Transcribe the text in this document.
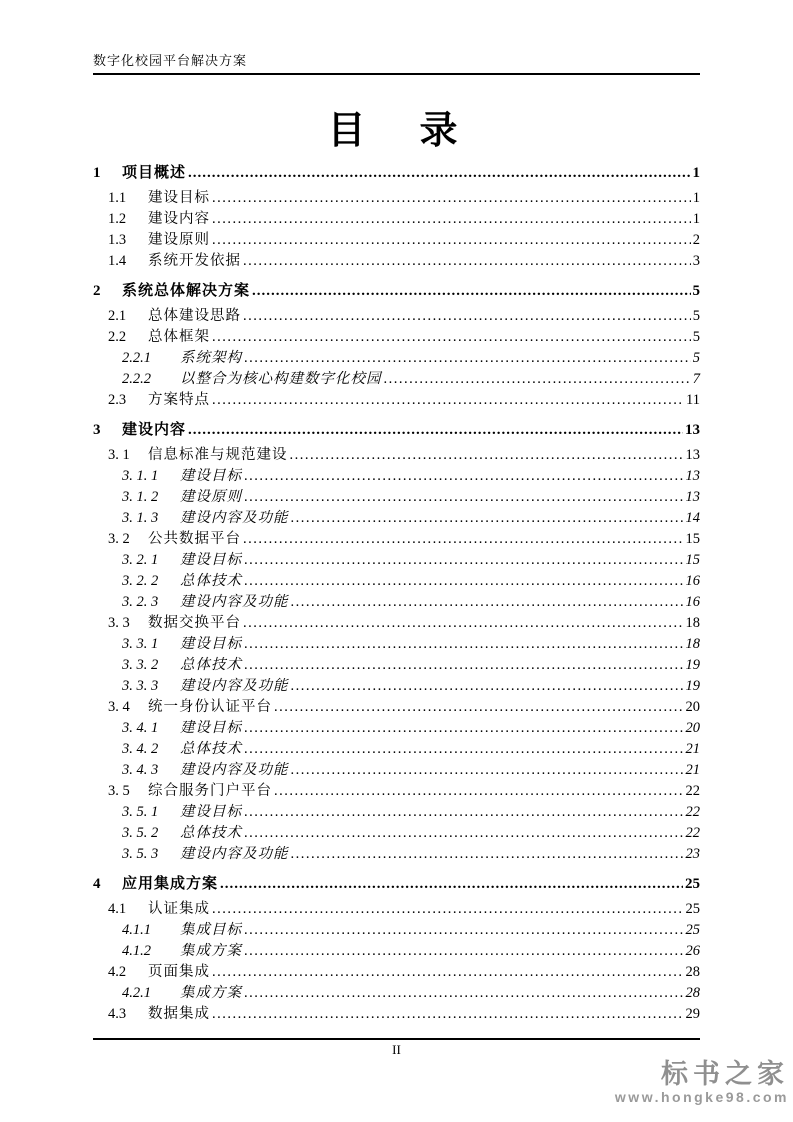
数字化校园平台解决方案
目　录
1	项目概述 .....	1
1.1	建设目标 .....	1
1.2	建设内容 .....	1
1.3	建设原则 .....	2
1.4	系统开发依据 .....	3
2	系统总体解决方案 .....	5
2.1	总体建设思路 .....	5
2.2	总体框架 .....	5
2.2.1	系统架构 .....	5
2.2.2	以整合为核心构建数字化校园 .....	7
2.3	方案特点 .....	11
3	建设内容 .....	13
3. 1	信息标准与规范建设 .....	13
3. 1. 1	建设目标 .....	13
3. 1. 2	建设原则 .....	13
3. 1. 3	建设内容及功能 .....	14
3. 2	公共数据平台 .....	15
3. 2. 1	建设目标 .....	15
3. 2. 2	总体技术 .....	16
3. 2. 3	建设内容及功能 .....	16
3. 3	数据交换平台 .....	18
3. 3. 1	建设目标 .....	18
3. 3. 2	总体技术 .....	19
3. 3. 3	建设内容及功能 .....	19
3. 4	统一身份认证平台 .....	20
3. 4. 1	建设目标 .....	20
3. 4. 2	总体技术 .....	21
3. 4. 3	建设内容及功能 .....	21
3. 5	综合服务门户平台 .....	22
3. 5. 1	建设目标 .....	22
3. 5. 2	总体技术 .....	22
3. 5. 3	建设内容及功能 .....	23
4	应用集成方案 .....	25
4.1	认证集成 .....	25
4.1.1	集成目标 .....	25
4.1.2	集成方案 .....	26
4.2	页面集成 .....	28
4.2.1	集成方案 .....	28
4.3	数据集成 .....	29
II
标书之家
www.hongke98.com
